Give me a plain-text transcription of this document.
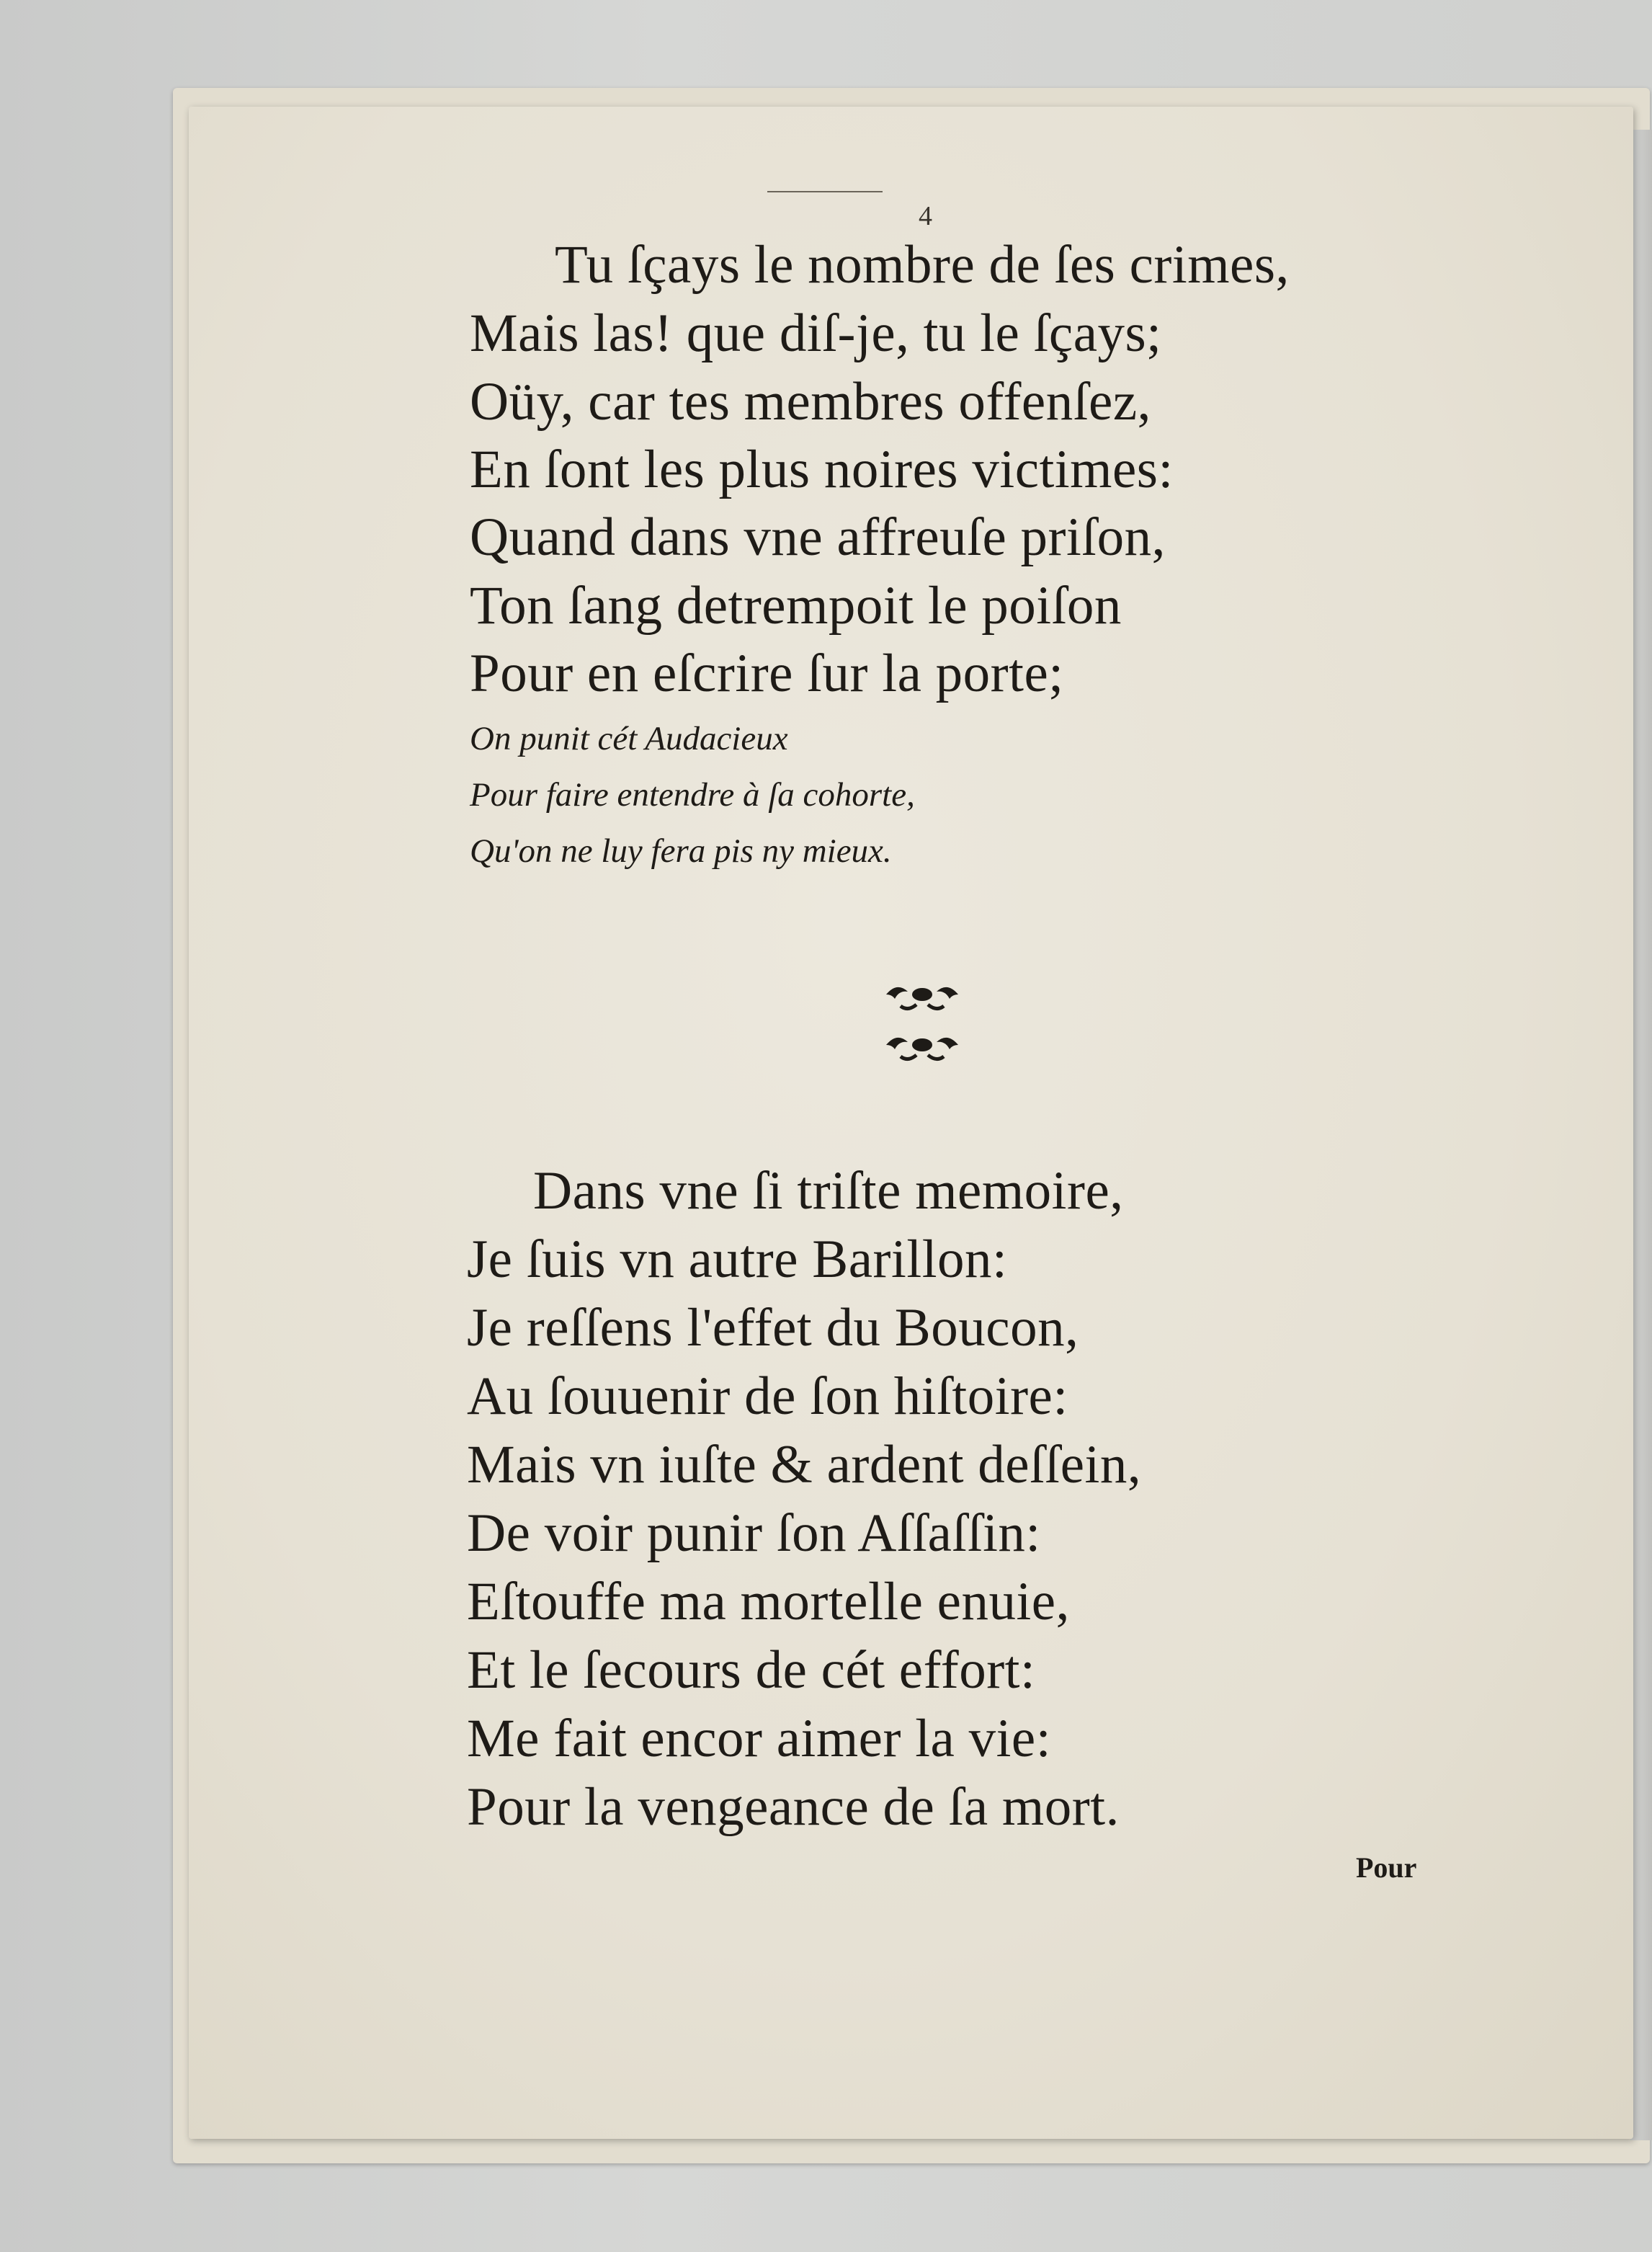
4
Tu ſçays le nombre de ſes crimes,
Mais las! que diſ-je, tu le ſçays;
Oüy, car tes membres offenſez,
En ſont les plus noires victimes:
Quand dans vne affreuſe priſon,
Ton ſang detrempoit le poiſon
Pour en eſcrire ſur la porte;
On punit cét Audacieux
Pour faire entendre à ſa cohorte,
Qu'on ne luy fera pis ny mieux.
Dans vne ſi triſte memoire,
Je ſuis vn autre Barillon:
Je reſſens l'effet du Boucon,
Au ſouuenir de ſon hiſtoire:
Mais vn iuſte & ardent deſſein,
De voir punir ſon Aſſaſſin:
Eſtouffe ma mortelle enuie,
Et le ſecours de cét effort:
Me fait encor aimer la vie:
Pour la vengeance de ſa mort.
Pour
